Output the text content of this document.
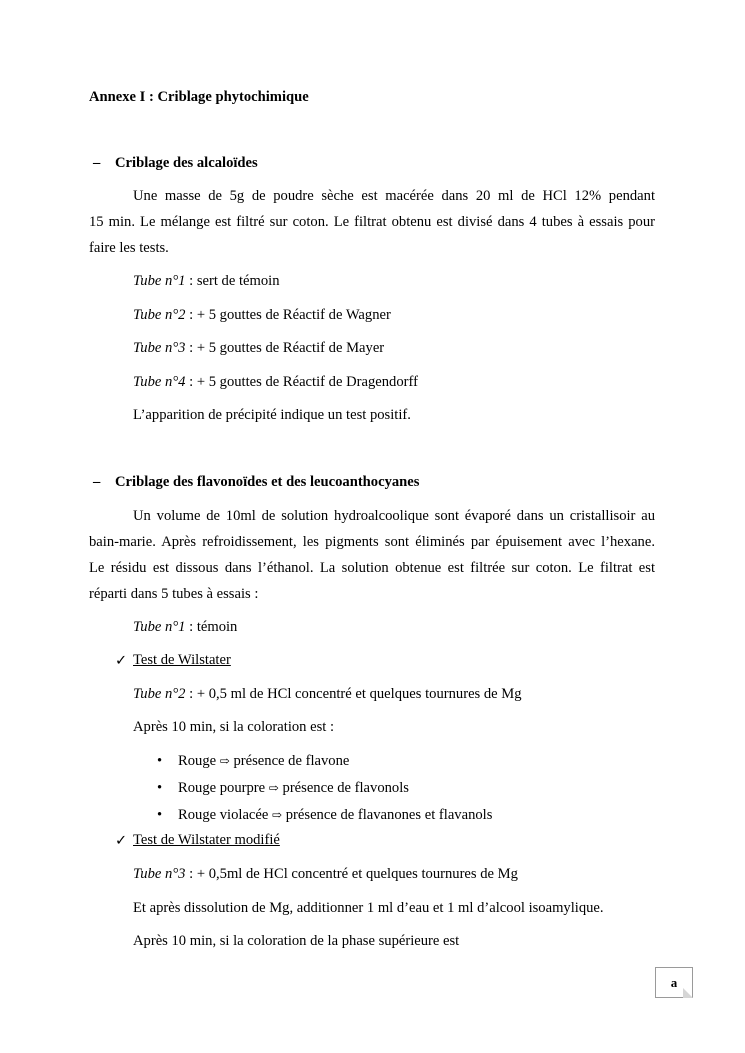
Annexe I : Criblage phytochimique
– Criblage des alcaloïdes
Une masse de 5g de poudre sèche est macérée dans 20 ml de HCl 12% pendant
15 min. Le mélange est filtré sur coton. Le filtrat obtenu est divisé dans 4 tubes à essais pour
faire les tests.
Tube n°1 : sert de témoin
Tube n°2 : + 5 gouttes de Réactif de Wagner
Tube n°3 : + 5 gouttes de Réactif de Mayer
Tube n°4 : + 5 gouttes de Réactif de Dragendorff
L’apparition de précipité indique un test positif.
– Criblage des flavonoïdes et des leucoanthocyanes
Un volume de 10ml de solution hydroalcoolique sont évaporé dans un cristallisoir au
bain-marie. Après refroidissement, les pigments sont éliminés par épuisement avec l’hexane.
Le résidu est dissous dans l’éthanol. La solution obtenue est filtrée sur coton. Le filtrat est
réparti dans 5 tubes à essais :
Tube n°1 : témoin
✓ Test de Wilstater
Tube n°2 : + 0,5 ml de HCl concentré et quelques tournures de Mg
Après 10 min, si la coloration est :
• Rouge ⇨ présence de flavone
• Rouge pourpre ⇨ présence de flavonols
• Rouge violacée ⇨ présence de flavanones et flavanols
✓ Test de Wilstater modifié
Tube n°3 : + 0,5ml de HCl concentré et quelques tournures de Mg
Et après dissolution de Mg, additionner 1 ml d’eau et 1 ml d’alcool isoamylique.
Après 10 min, si la coloration de la phase supérieure est
a
